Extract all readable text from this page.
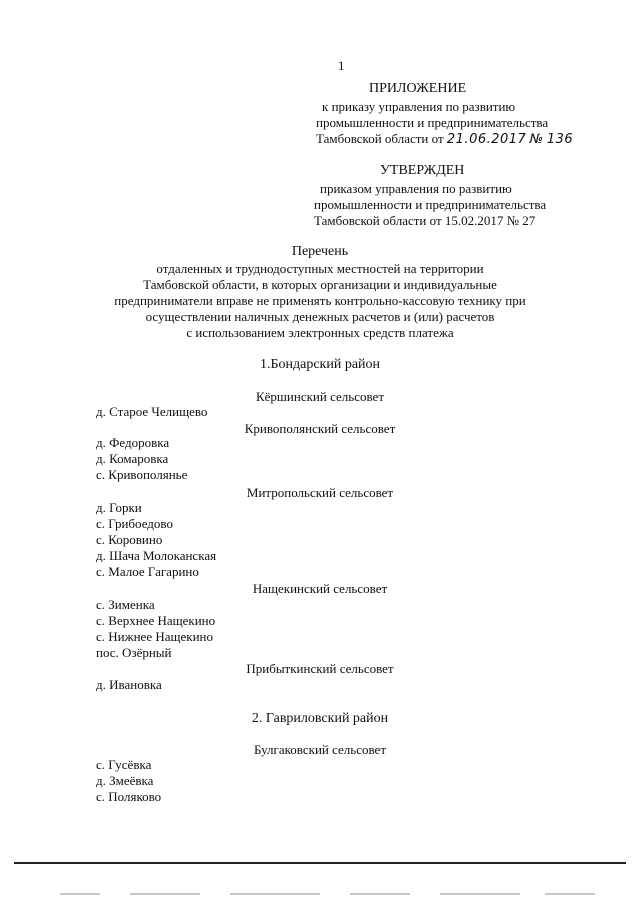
1
ПРИЛОЖЕНИЕ
к приказу управления по развитию
промышленности и предпринимательства
Тамбовской области от 21.06.2017 № 136
УТВЕРЖДЕН
приказом управления по развитию
промышленности и предпринимательства
Тамбовской области от 15.02.2017 № 27
Перечень
отдаленных и труднодоступных местностей на территории
Тамбовской области, в которых организации и индивидуальные
предприниматели вправе не применять контрольно-кассовую технику при
осуществлении наличных денежных расчетов и (или) расчетов
с использованием электронных средств платежа
1.Бондарский район
Кёршинский сельсовет
д. Старое Челищево
Кривополянский сельсовет
д. Федоровка
д. Комаровка
с. Кривополянье
Митропольский сельсовет
д. Горки
с. Грибоедово
с. Коровино
д. Шача Молоканская
с. Малое Гагарино
Нащекинский сельсовет
с. Зименка
с. Верхнее Нащекино
с. Нижнее Нащекино
пос. Озёрный
Прибыткинский сельсовет
д. Ивановка
2. Гавриловский район
Булгаковский сельсовет
с. Гусёвка
д. Змеёвка
с. Поляково
